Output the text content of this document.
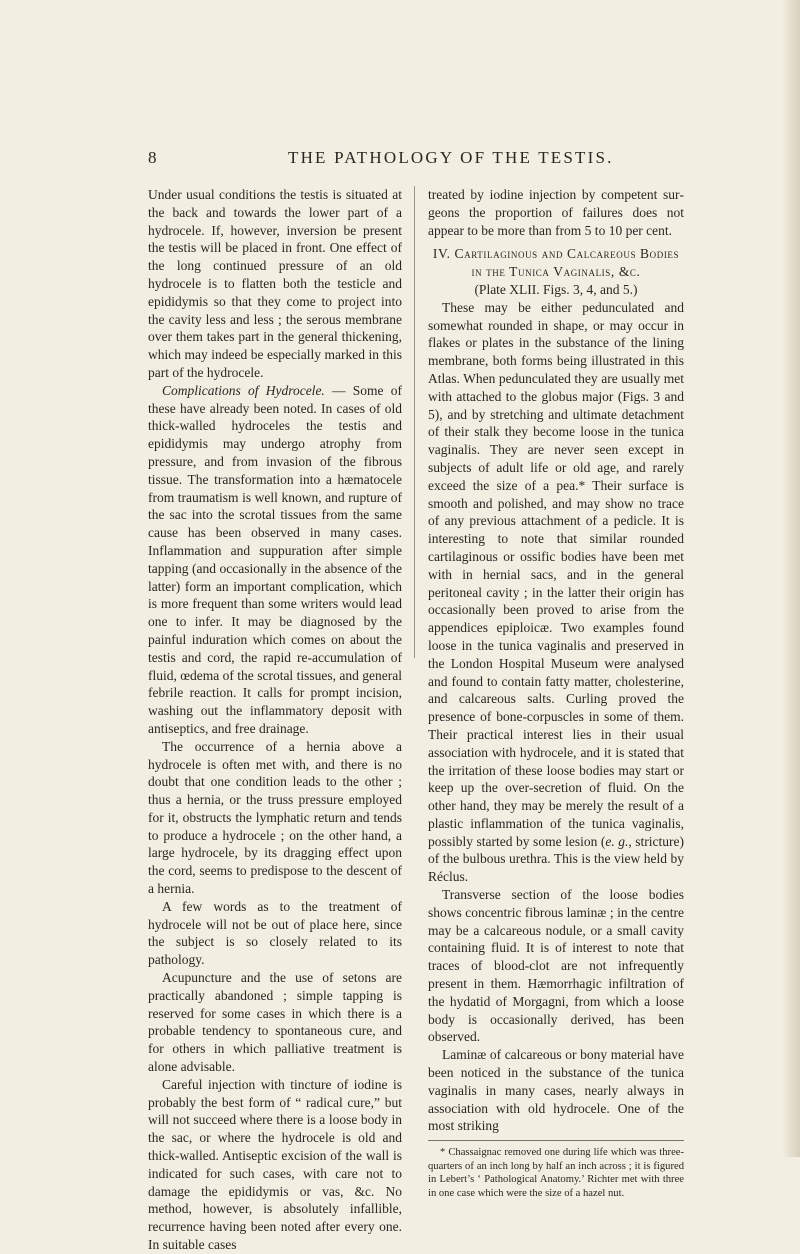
8	THE PATHOLOGY OF THE TESTIS.

Under usual conditions the testis is situated at the back and towards the lower part of a hydrocele. If, however, inversion be present the testis will be placed in front. One effect of the long continued pressure of an old hydrocele is to flatten both the testicle and epididymis so that they come to project into the cavity less and less ; the serous membrane over them takes part in the general thickening, which may indeed be especially marked in this part of the hydrocele.

Complications of Hydrocele. — Some of these have already been noted. In cases of old thick-walled hydroceles the testis and epididymis may undergo atrophy from pressure, and from invasion of the fibrous tissue. The transformation into a hæmatocele from traumatism is well known, and rupture of the sac into the scrotal tissues from the same cause has been observed in many cases. Inflammation and suppuration after simple tapping (and occasionally in the absence of the latter) form an important complication, which is more frequent than some writers would lead one to infer. It may be diagnosed by the painful induration which comes on about the testis and cord, the rapid re-accumulation of fluid, œdema of the scrotal tissues, and general febrile reaction. It calls for prompt incision, washing out the inflammatory deposit with antiseptics, and free drainage.

The occurrence of a hernia above a hydrocele is often met with, and there is no doubt that one condition leads to the other ; thus a hernia, or the truss pressure employed for it, obstructs the lymphatic return and tends to produce a hydrocele ; on the other hand, a large hydrocele, by its dragging effect upon the cord, seems to predispose to the descent of a hernia.

A few words as to the treatment of hydrocele will not be out of place here, since the subject is so closely related to its pathology.

Acupuncture and the use of setons are practically abandoned ; simple tapping is reserved for some cases in which there is a probable tendency to spontaneous cure, and for others in which palliative treatment is alone advisable.

Careful injection with tincture of iodine is probably the best form of “ radical cure,” but will not succeed where there is a loose body in the sac, or where the hydrocele is old and thick-walled. Antiseptic excision of the wall is indicated for such cases, with care not to damage the epididymis or vas, &c. No method, however, is absolutely infallible, recurrence having been noted after every one. In suitable cases

treated by iodine injection by competent surgeons the proportion of failures does not appear to be more than from 5 to 10 per cent.

IV. Cartilaginous and Calcareous Bodies
in the Tunica Vaginalis, &c.

(Plate XLII. Figs. 3, 4, and 5.)

These may be either pedunculated and somewhat rounded in shape, or may occur in flakes or plates in the substance of the lining membrane, both forms being illustrated in this Atlas. When pedunculated they are usually met with attached to the globus major (Figs. 3 and 5), and by stretching and ultimate detachment of their stalk they become loose in the tunica vaginalis. They are never seen except in subjects of adult life or old age, and rarely exceed the size of a pea.* Their surface is smooth and polished, and may show no trace of any previous attachment of a pedicle. It is interesting to note that similar rounded cartilaginous or ossific bodies have been met with in hernial sacs, and in the general peritoneal cavity ; in the latter their origin has occasionally been proved to arise from the appendices epiploicæ. Two examples found loose in the tunica vaginalis and preserved in the London Hospital Museum were analysed and found to contain fatty matter, cholesterine, and calcareous salts. Curling proved the presence of bone-corpuscles in some of them. Their practical interest lies in their usual association with hydrocele, and it is stated that the irritation of these loose bodies may start or keep up the over-secretion of fluid. On the other hand, they may be merely the result of a plastic inflammation of the tunica vaginalis, possibly started by some lesion (e. g., stricture) of the bulbous urethra. This is the view held by Réclus.

Transverse section of the loose bodies shows concentric fibrous laminæ ; in the centre may be a calcareous nodule, or a small cavity containing fluid. It is of interest to note that traces of blood-clot are not infrequently present in them. Hæmorrhagic infiltration of the hydatid of Morgagni, from which a loose body is occasionally derived, has been observed.

Laminæ of calcareous or bony material have been noticed in the substance of the tunica vaginalis in many cases, nearly always in association with old hydrocele. One of the most striking

* Chassaignac removed one during life which was three-quarters of an inch long by half an inch across ; it is figured in Lebert’s ‘ Pathological Anatomy.’ Richter met with three in one case which were the size of a hazel nut.
